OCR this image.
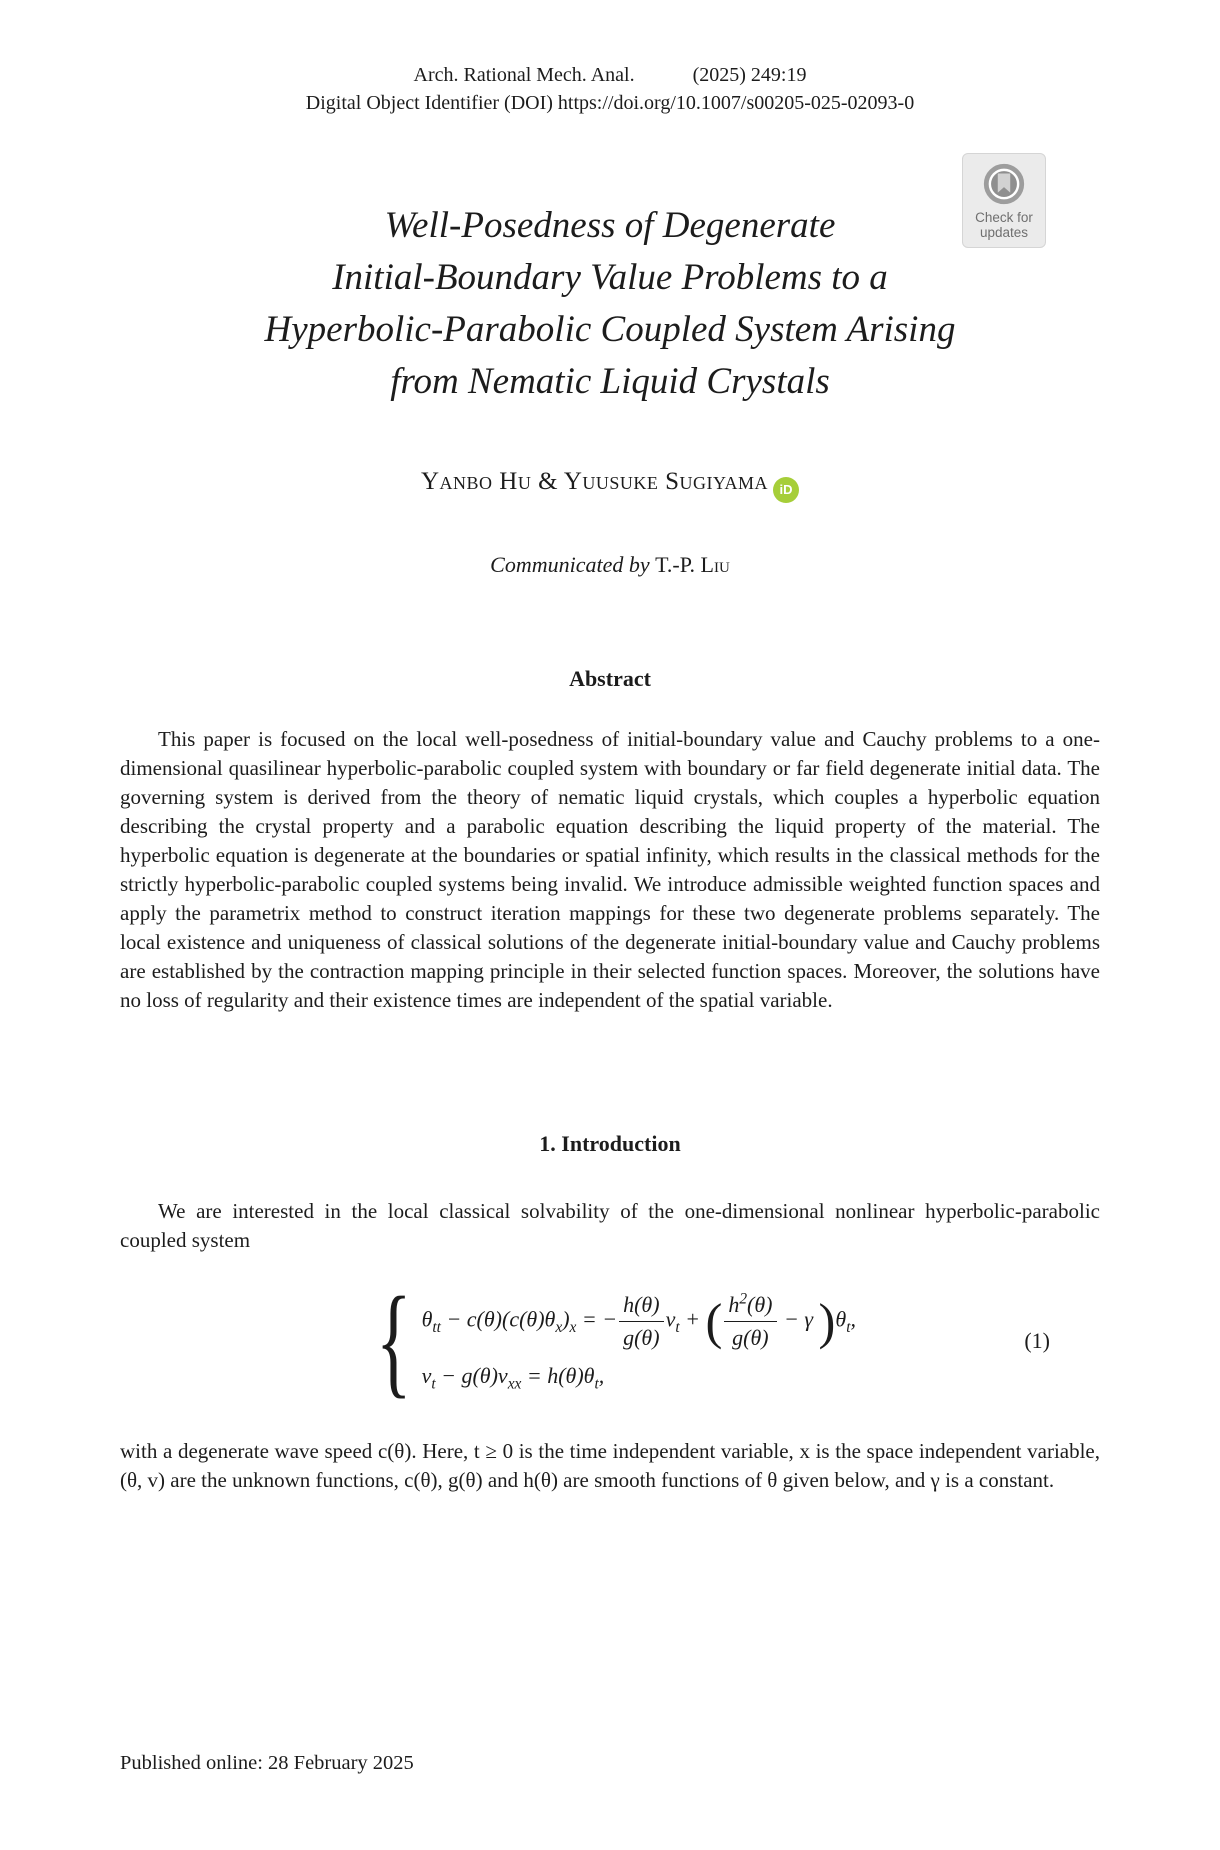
Arch. Rational Mech. Anal.	(2025) 249:19
Digital Object Identifier (DOI) https://doi.org/10.1007/s00205-025-02093-0
Check for
updates
Well-Posedness of Degenerate
Initial-Boundary Value Problems to a
Hyperbolic-Parabolic Coupled System Arising
from Nematic Liquid Crystals
Yanbo Hu & Yuusuke Sugiyama iD
Communicated by T.-P. Liu
Abstract

This paper is focused on the local well-posedness of initial-boundary value and Cauchy problems to a one-dimensional quasilinear hyperbolic-parabolic coupled system with boundary or far field degenerate initial data. The governing system is derived from the theory of nematic liquid crystals, which couples a hyperbolic equation describing the crystal property and a parabolic equation describing the liquid property of the material. The hyperbolic equation is degenerate at the boundaries or spatial infinity, which results in the classical methods for the strictly hyperbolic-parabolic coupled systems being invalid. We introduce admissible weighted function spaces and apply the parametrix method to construct iteration mappings for these two degenerate problems separately. The local existence and uniqueness of classical solutions of the degenerate initial-boundary value and Cauchy problems are established by the contraction mapping principle in their selected function spaces. Moreover, the solutions have no loss of regularity and their existence times are independent of the spatial variable.

1. Introduction

We are interested in the local classical solvability of the one-dimensional nonlinear hyperbolic-parabolic coupled system

{ $\theta_{tt} - c(\theta)(c(\theta)\theta_x)_x$ = − $\frac{h(\theta)}{g(\theta)} v_t$ + ( $\frac{h^2(\theta)}{g(\theta)} - \gamma$ )$\theta_t$,
$v_t - g(\theta)v_{xx} = h(\theta)\theta_t$,
(1)

with a degenerate wave speed c(θ). Here, t ≥ 0 is the time independent variable, x is the space independent variable, (θ, v) are the unknown functions, c(θ), g(θ) and h(θ) are smooth functions of θ given below, and γ is a constant.

Published online: 28 February 2025
